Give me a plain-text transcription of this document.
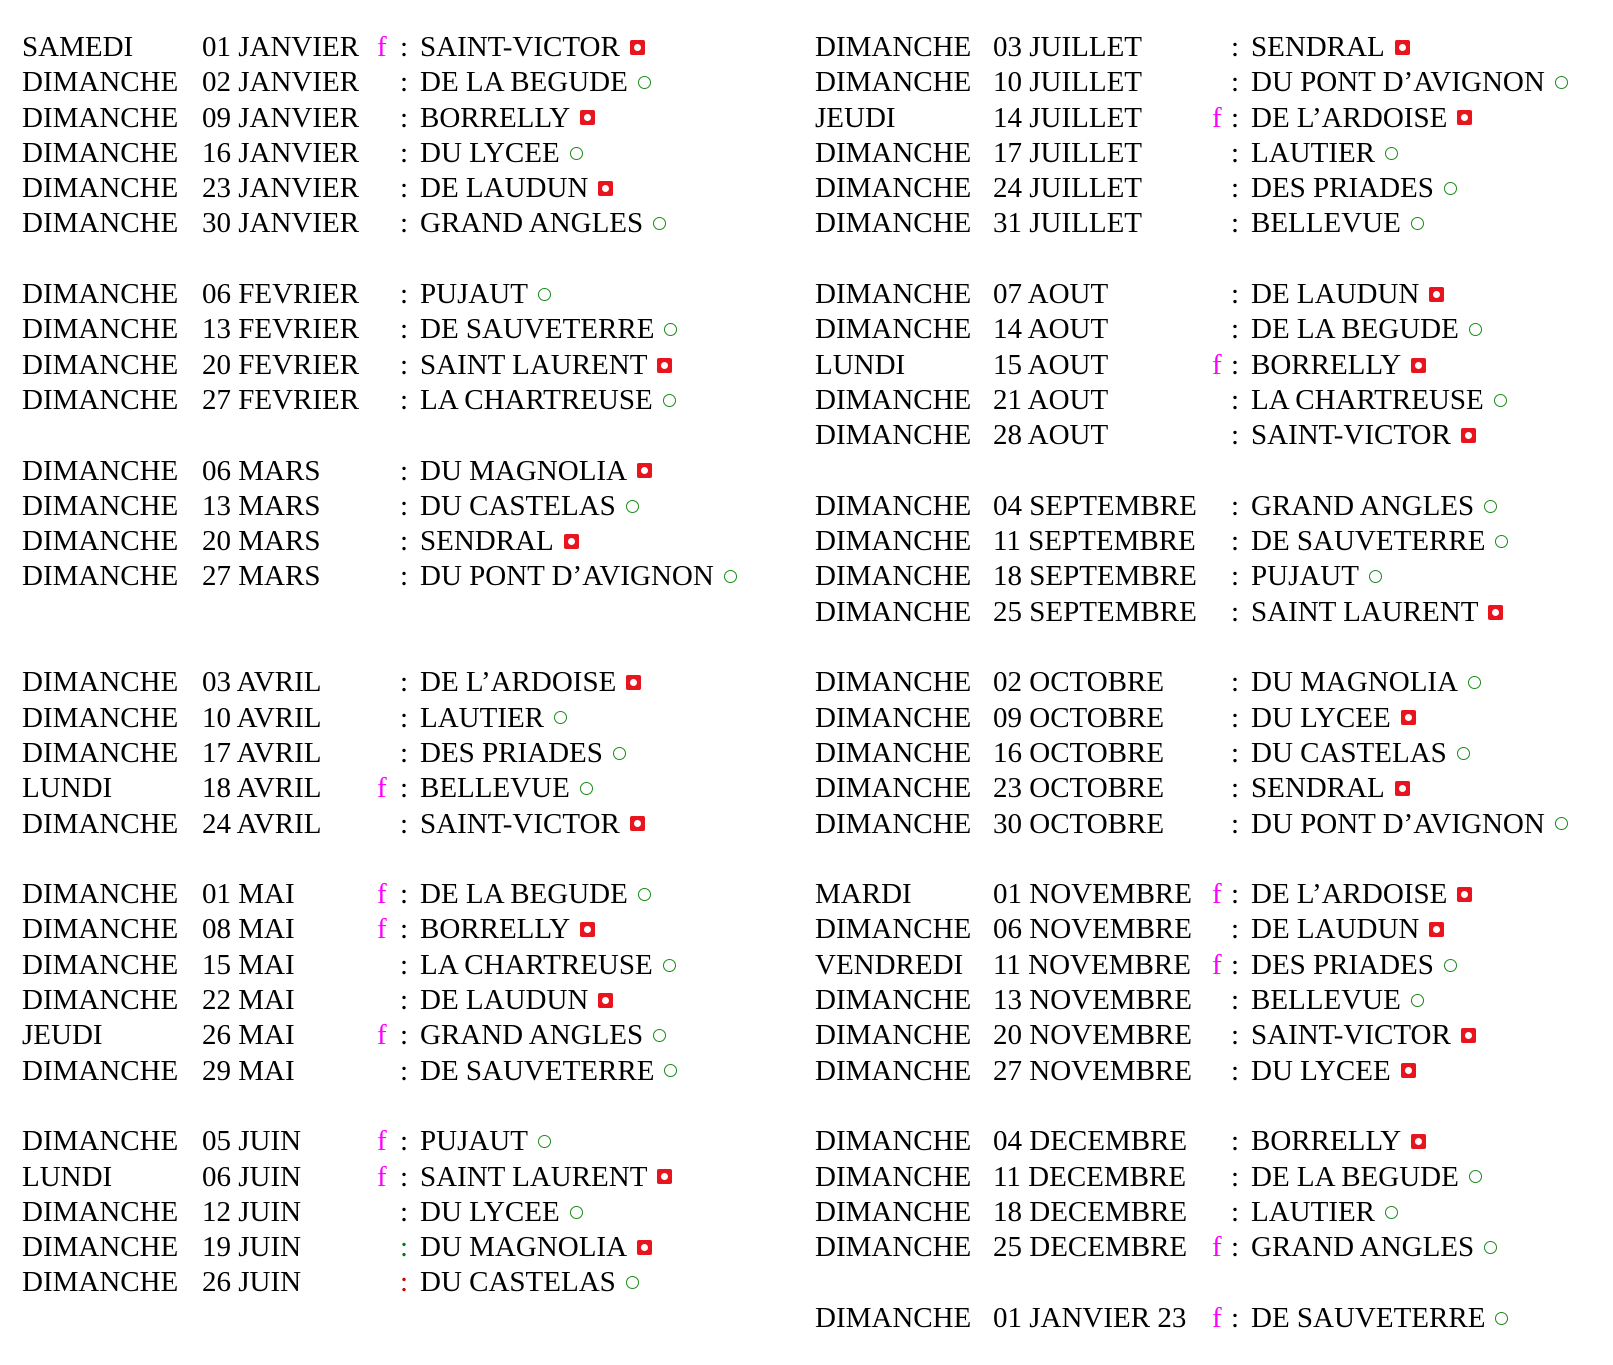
SAMEDI 01 JANVIER f : SAINT-VICTOR
DIMANCHE 02 JANVIER : DE LA BEGUDE
DIMANCHE 09 JANVIER : BORRELLY
DIMANCHE 16 JANVIER : DU LYCEE
DIMANCHE 23 JANVIER : DE LAUDUN
DIMANCHE 30 JANVIER : GRAND ANGLES
DIMANCHE 06 FEVRIER : PUJAUT
DIMANCHE 13 FEVRIER : DE SAUVETERRE
DIMANCHE 20 FEVRIER : SAINT LAURENT
DIMANCHE 27 FEVRIER : LA CHARTREUSE
DIMANCHE 06 MARS	: DU MAGNOLIA
DIMANCHE 13 MARS	: DU CASTELAS
DIMANCHE 20 MARS	: SENDRAL
DIMANCHE 27 MARS	: DU PONT D’AVIGNON
DIMANCHE 03 AVRIL	: DE L’ARDOISE
DIMANCHE 10 AVRIL	: LAUTIER
DIMANCHE 17 AVRIL	: DES PRIADES
LUNDI	18 AVRIL f : BELLEVUE
DIMANCHE 24 AVRIL	: SAINT-VICTOR
DIMANCHE 01 MAI	f : DE LA BEGUDE
DIMANCHE 08 MAI	f : BORRELLY
DIMANCHE 15 MAI	: LA CHARTREUSE
DIMANCHE 22 MAI	: DE LAUDUN
JEUDI	26 MAI	f : GRAND ANGLES
DIMANCHE 29 MAI	: DE SAUVETERRE
DIMANCHE 05 JUIN	f : PUJAUT
LUNDI	06 JUIN	f : SAINT LAURENT
DIMANCHE 12 JUIN	: DU LYCEE
DIMANCHE 19 JUIN	: DU MAGNOLIA
DIMANCHE 26 JUIN	: DU CASTELAS
DIMANCHE 03 JUILLET	: SENDRAL
DIMANCHE 10 JUILLET	: DU PONT D’AVIGNON
JEUDI	14 JUILLET f : DE L’ARDOISE
DIMANCHE 17 JUILLET	: LAUTIER
DIMANCHE 24 JUILLET	: DES PRIADES
DIMANCHE 31 JUILLET	: BELLEVUE
DIMANCHE 07 AOUT	: DE LAUDUN
DIMANCHE 14 AOUT	: DE LA BEGUDE
LUNDI	15 AOUT	f : BORRELLY
DIMANCHE 21 AOUT	: LA CHARTREUSE
DIMANCHE 28 AOUT	: SAINT-VICTOR
DIMANCHE 04 SEPTEMBRE : GRAND ANGLES
DIMANCHE 11 SEPTEMBRE : DE SAUVETERRE
DIMANCHE 18 SEPTEMBRE : PUJAUT
DIMANCHE 25 SEPTEMBRE : SAINT LAURENT
DIMANCHE 02 OCTOBRE : DU MAGNOLIA
DIMANCHE 09 OCTOBRE : DU LYCEE
DIMANCHE 16 OCTOBRE : DU CASTELAS
DIMANCHE 23 OCTOBRE : SENDRAL
DIMANCHE 30 OCTOBRE : DU PONT D’AVIGNON
MARDI	01 NOVEMBRE f : DE L’ARDOISE
DIMANCHE 06 NOVEMBRE : DE LAUDUN
VENDREDI 11 NOVEMBRE f : DES PRIADES
DIMANCHE 13 NOVEMBRE : BELLEVUE
DIMANCHE 20 NOVEMBRE : SAINT-VICTOR
DIMANCHE 27 NOVEMBRE : DU LYCEE
DIMANCHE 04 DECEMBRE : BORRELLY
DIMANCHE 11 DECEMBRE : DE LA BEGUDE
DIMANCHE 18 DECEMBRE : LAUTIER
DIMANCHE 25 DECEMBRE f : GRAND ANGLES
DIMANCHE 01 JANVIER 23 f : DE SAUVETERRE
